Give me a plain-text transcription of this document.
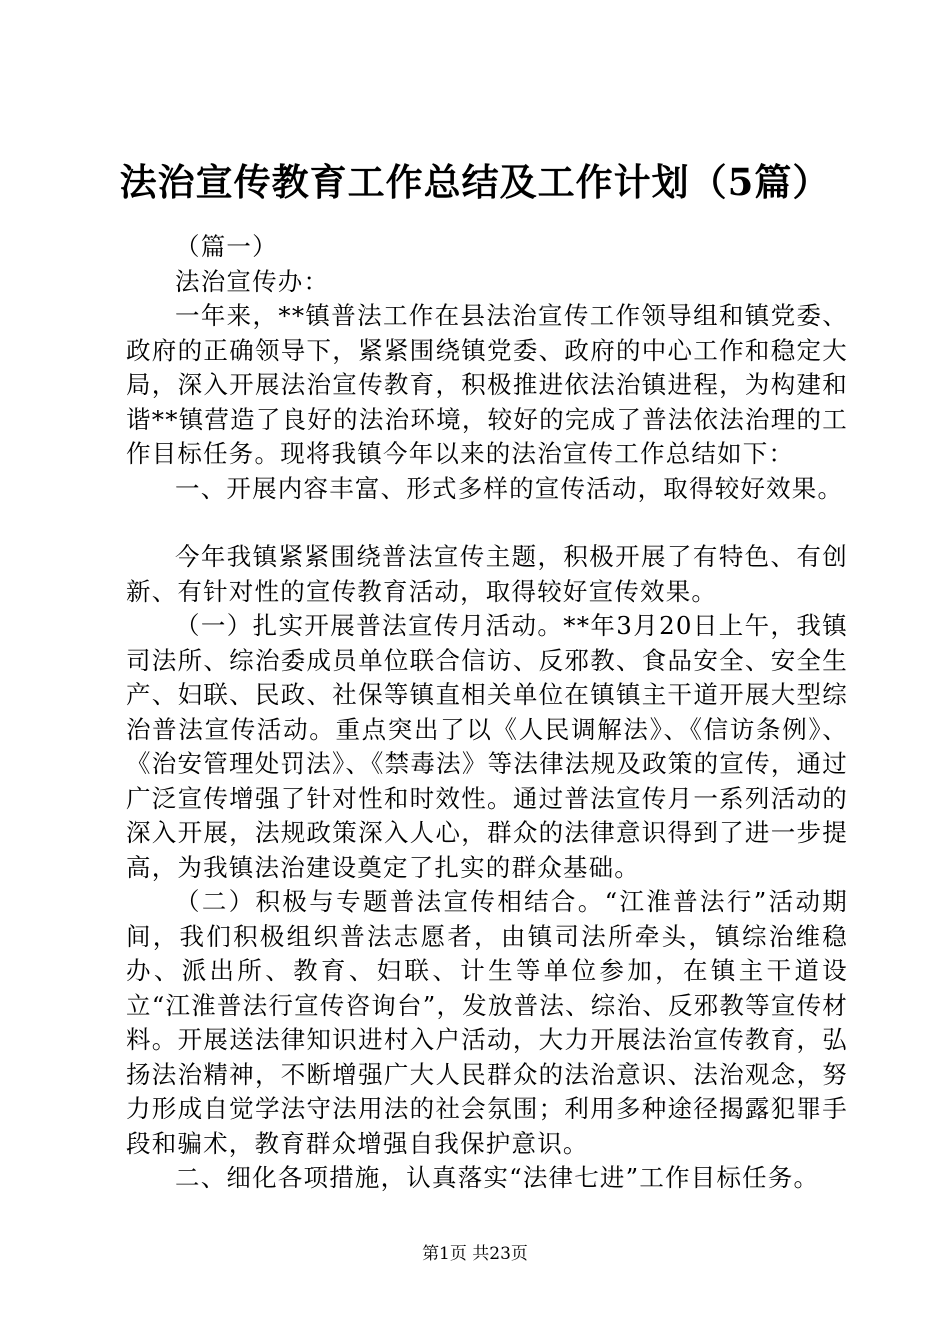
法治宣传教育工作总结及工作计划（5篇）

（篇一）

法治宣传办：

一年来，**镇普法工作在县法治宣传工作领导组和镇党委、政府的正确领导下，紧紧围绕镇党委、政府的中心工作和稳定大局，深入开展法治宣传教育，积极推进依法治镇进程，为构建和谐**镇营造了良好的法治环境，较好的完成了普法依法治理的工作目标任务。现将我镇今年以来的法治宣传工作总结如下：

一、开展内容丰富、形式多样的宣传活动，取得较好效果。

今年我镇紧紧围绕普法宣传主题，积极开展了有特色、有创新、有针对性的宣传教育活动，取得较好宣传效果。

（一）扎实开展普法宣传月活动。**年3月20日上午，我镇司法所、综治委成员单位联合信访、反邪教、食品安全、安全生产、妇联、民政、社保等镇直相关单位在镇镇主干道开展大型综治普法宣传活动。重点突出了以《人民调解法》、《信访条例》、《治安管理处罚法》、《禁毒法》等法律法规及政策的宣传，通过广泛宣传增强了针对性和时效性。通过普法宣传月一系列活动的深入开展，法规政策深入人心，群众的法律意识得到了进一步提高，为我镇法治建设奠定了扎实的群众基础。

（二）积极与专题普法宣传相结合。“江淮普法行”活动期间，我们积极组织普法志愿者，由镇司法所牵头，镇综治维稳办、派出所、教育、妇联、计生等单位参加，在镇主干道设立“江淮普法行宣传咨询台”，发放普法、综治、反邪教等宣传材料。开展送法律知识进村入户活动，大力开展法治宣传教育，弘扬法治精神，不断增强广大人民群众的法治意识、法治观念，努力形成自觉学法守法用法的社会氛围；利用多种途径揭露犯罪手段和骗术，教育群众增强自我保护意识。

二、细化各项措施，认真落实“法律七进”工作目标任务。

第1页 共23页
